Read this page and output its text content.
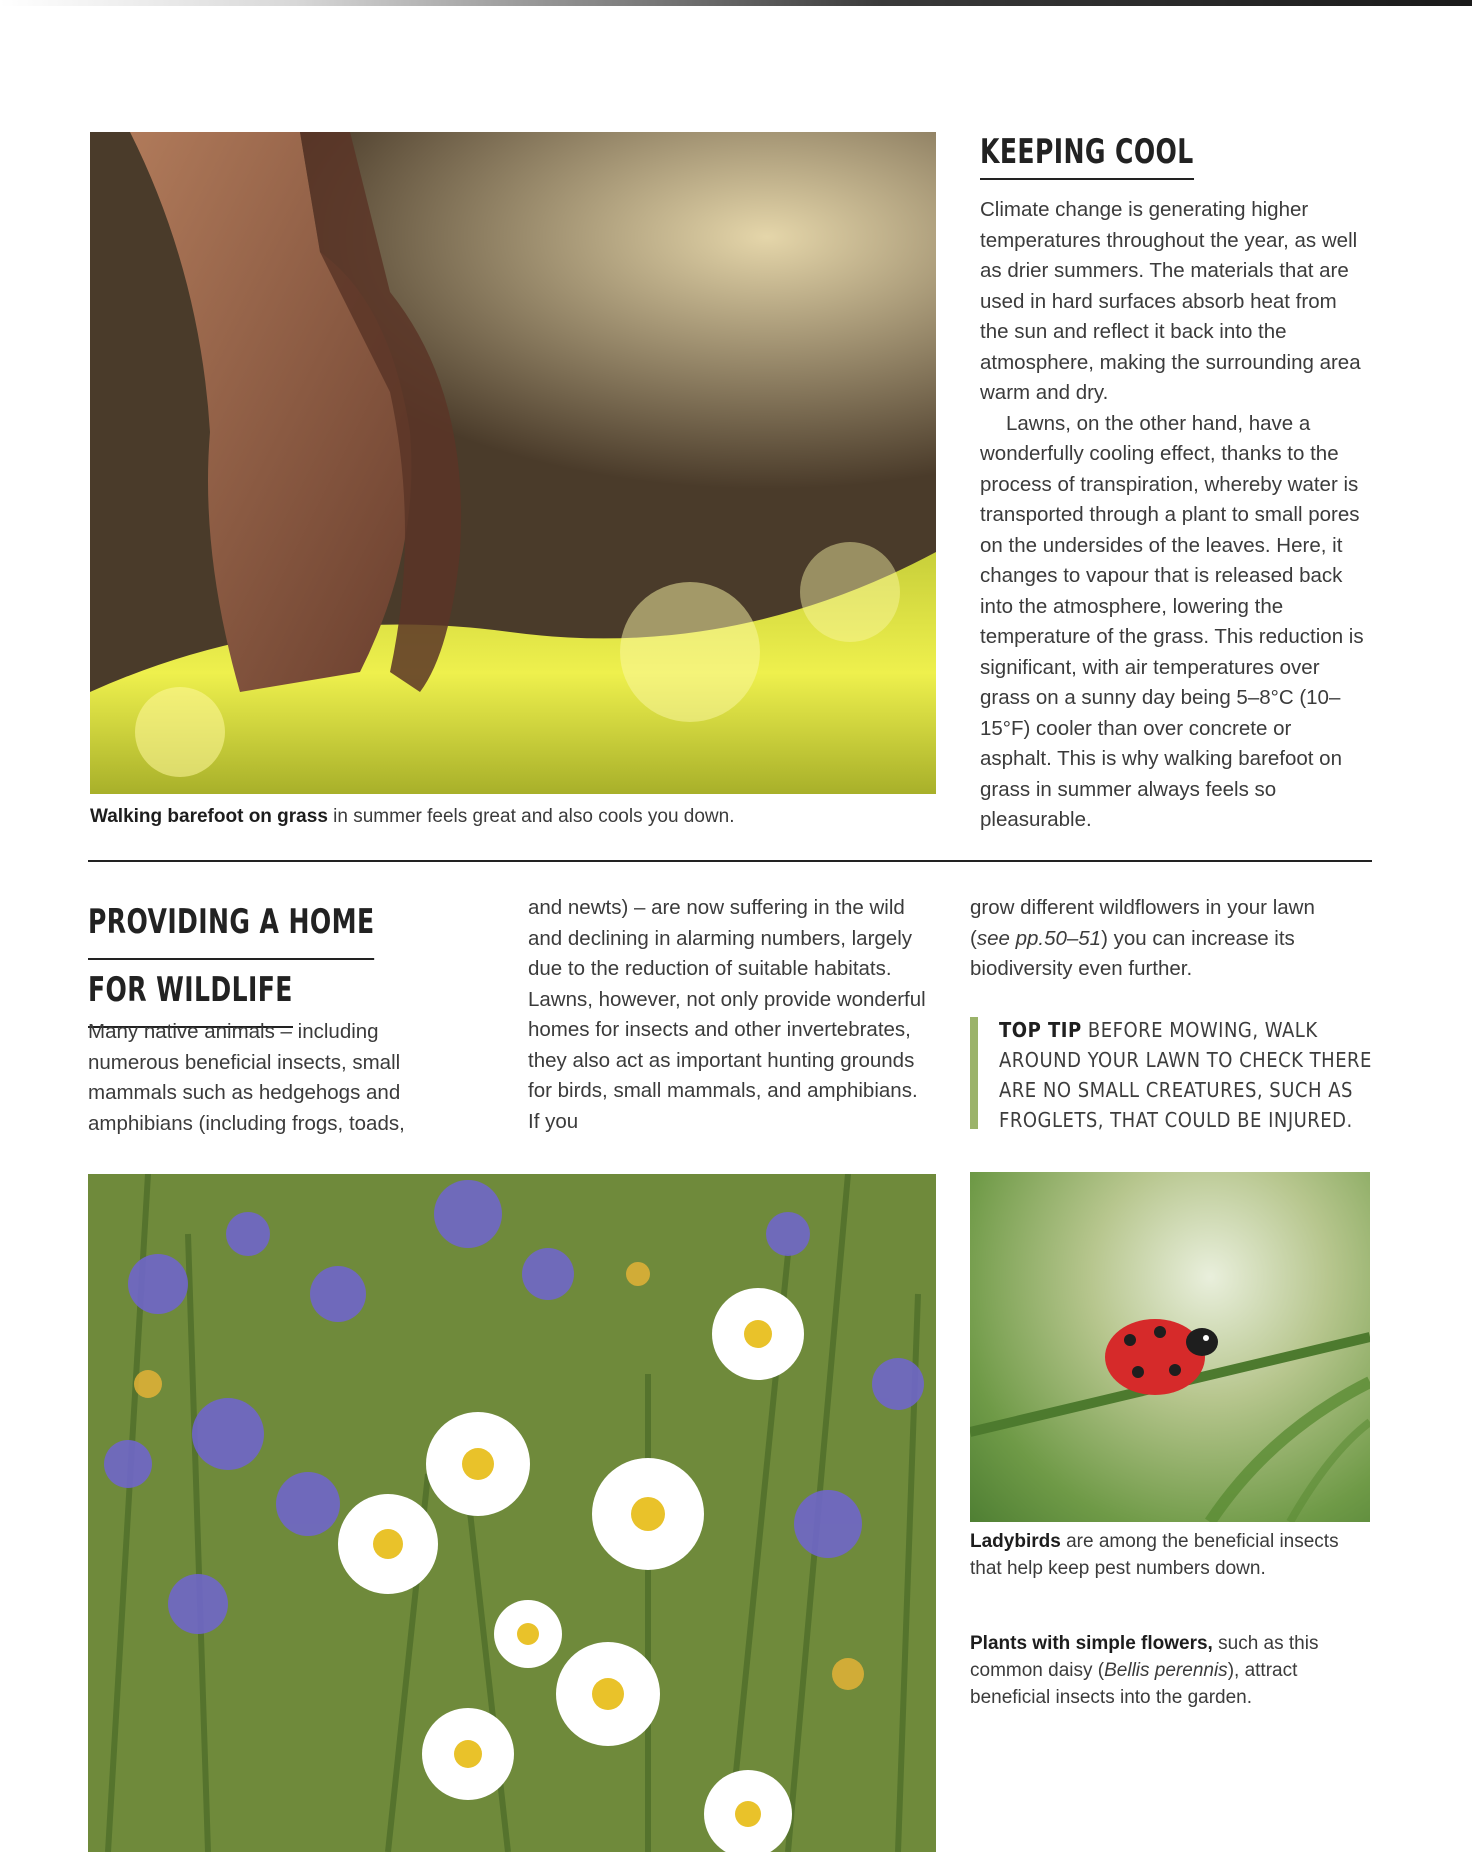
Walking barefoot on grass in summer feels great and also cools you down.
KEEPING COOL

Climate change is generating higher temperatures throughout the year, as well as drier summers. The materials that are used in hard surfaces absorb heat from the sun and reflect it back into the atmosphere, making the surrounding area warm and dry.

Lawns, on the other hand, have a wonderfully cooling effect, thanks to the process of transpiration, whereby water is transported through a plant to small pores on the undersides of the leaves. Here, it changes to vapour that is released back into the atmosphere, lowering the temperature of the grass. This reduction is significant, with air temperatures over grass on a sunny day being 5–8°C (10–15°F) cooler than over concrete or asphalt. This is why walking barefoot on grass in summer always feels so pleasurable.

PROVIDING A HOME
FOR WILDLIFE
Many native animals – including numerous beneficial insects, small mammals such as hedgehogs and amphibians (including frogs, toads,
and newts) – are now suffering in the wild and declining in alarming numbers, largely due to the reduction of suitable habitats. Lawns, however, not only provide wonderful homes for insects and other invertebrates, they also act as important hunting grounds for birds, small mammals, and amphibians. If you
grow different wildflowers in your lawn (see pp.50–51) you can increase its biodiversity even further.
TOP TIP BEFORE MOWING, WALK AROUND YOUR LAWN TO CHECK THERE ARE NO SMALL CREATURES, SUCH AS FROGLETS, THAT COULD BE INJURED.
Ladybirds are among the beneficial insects that help keep pest numbers down.
Plants with simple flowers, such as this common daisy (Bellis perennis), attract beneficial insects into the garden.
